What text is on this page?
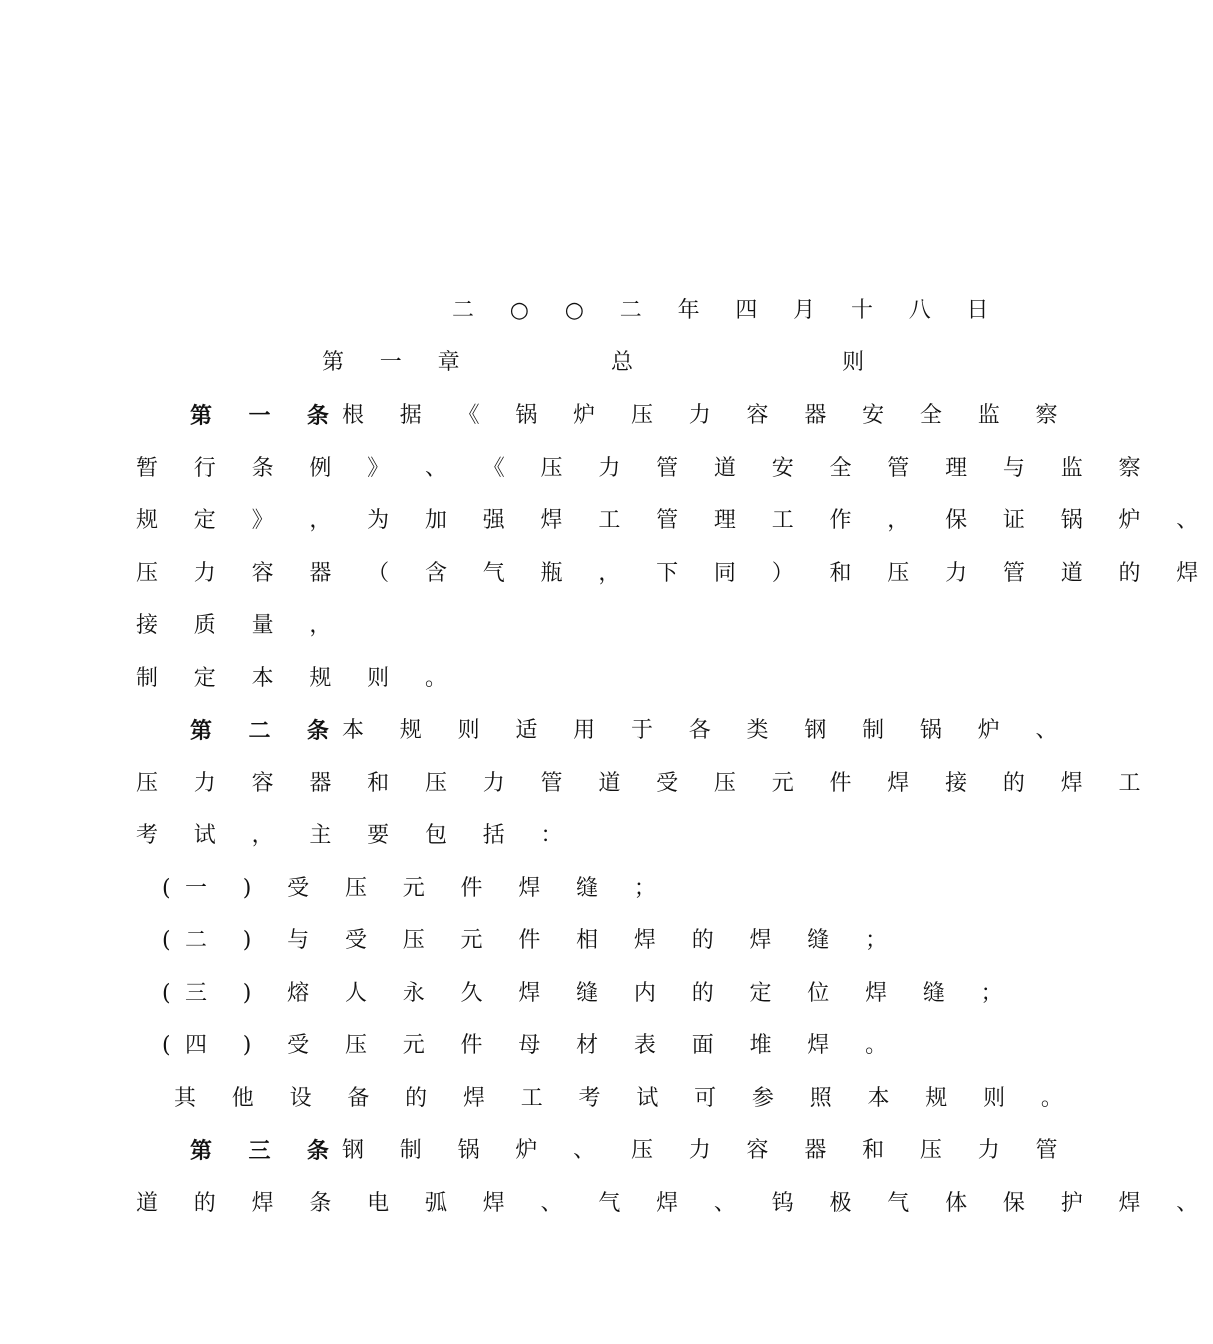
二 ○ ○ 二 年 四 月 十 八 日
第 一 章 　 　 总 　 　 　 则
第 一 条
根 据 《 锅 炉 压 力 容 器 安 全 监 察
暂 行 条 例 》 、 《 压 力 管 道 安 全 管 理 与 监 察
规 定 》 ， 为 加 强 焊 工 管 理 工 作 ， 保 证 锅 炉 、
压 力 容 器 （ 含 气 瓶 ， 下 同 ） 和 压 力 管 道 的 焊
接 质 量 ，
制 定 本 规 则 。
第 二 条
本 规 则 适 用 于 各 类 钢 制 锅 炉 、
压 力 容 器 和 压 力 管 道 受 压 元 件 焊 接 的 焊 工
考 试 ， 主 要 包 括 ：
(一 ) 受 压 元 件 焊 缝 ；
(二 ) 与 受 压 元 件 相 焊 的 焊 缝 ；
(三 ) 熔 人 永 久 焊 缝 内 的 定 位 焊 缝 ；
(四 ) 受 压 元 件 母 材 表 面 堆 焊 。
其 他 设 备 的 焊 工 考 试 可 参 照 本 规 则 。
第 三 条
钢 制 锅 炉 、 压 力 容 器 和 压 力 管
道 的 焊 条 电 弧 焊 、 气 焊 、 钨 极 气 体 保 护 焊 、
